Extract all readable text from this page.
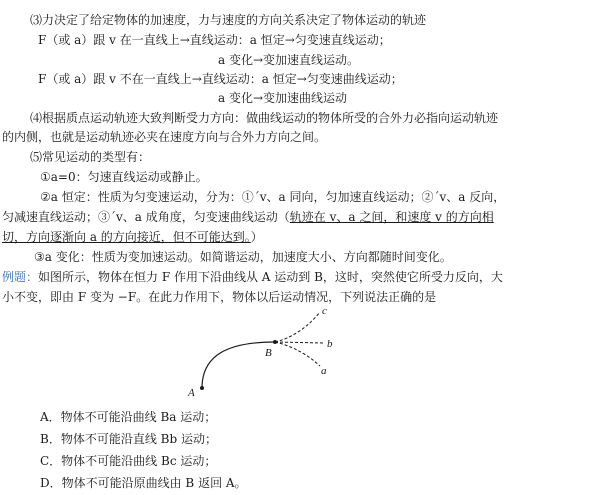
⑶力决定了给定物体的加速度，力与速度的方向关系决定了物体运动的轨迹
F（或 a）跟 v 在一直线上→直线运动：a 恒定→匀变速直线运动；
a 变化→变加速直线运动。
F（或 a）跟 v 不在一直线上→直线运动：a 恒定→匀变速曲线运动；
a 变化→变加速曲线运动
⑷根据质点运动轨迹大致判断受力方向：做曲线运动的物体所受的合外力必指向运动轨迹
的内侧，也就是运动轨迹必夹在速度方向与合外力方向之间。
⑸常见运动的类型有：
①a=0：匀速直线运动或静止。
②a 恒定：性质为匀变速运动，分为：①ˊv、a 同向，匀加速直线运动；②ˊv、a 反向，
匀减速直线运动；③ˊv、a 成角度，匀变速曲线运动（轨迹在 v、a 之间，和速度 v 的方向相
切，方向逐渐向 a 的方向接近，但不可能达到。）
③a 变化：性质为变加速运动。如简谐运动，加速度大小、方向都随时间变化。
例题：如图所示，物体在恒力 F 作用下沿曲线从 A 运动到 B，这时，突然使它所受力反向，大
小不变，即由 F 变为 −F。在此力作用下，物体以后运动情况，下列说法正确的是
A
B
c
b
a
A．物体不可能沿曲线 Ba 运动；
B．物体不可能沿直线 Bb 运动；
C．物体不可能沿曲线 Bc 运动；
D．物体不可能沿原曲线由 B 返回 A。
